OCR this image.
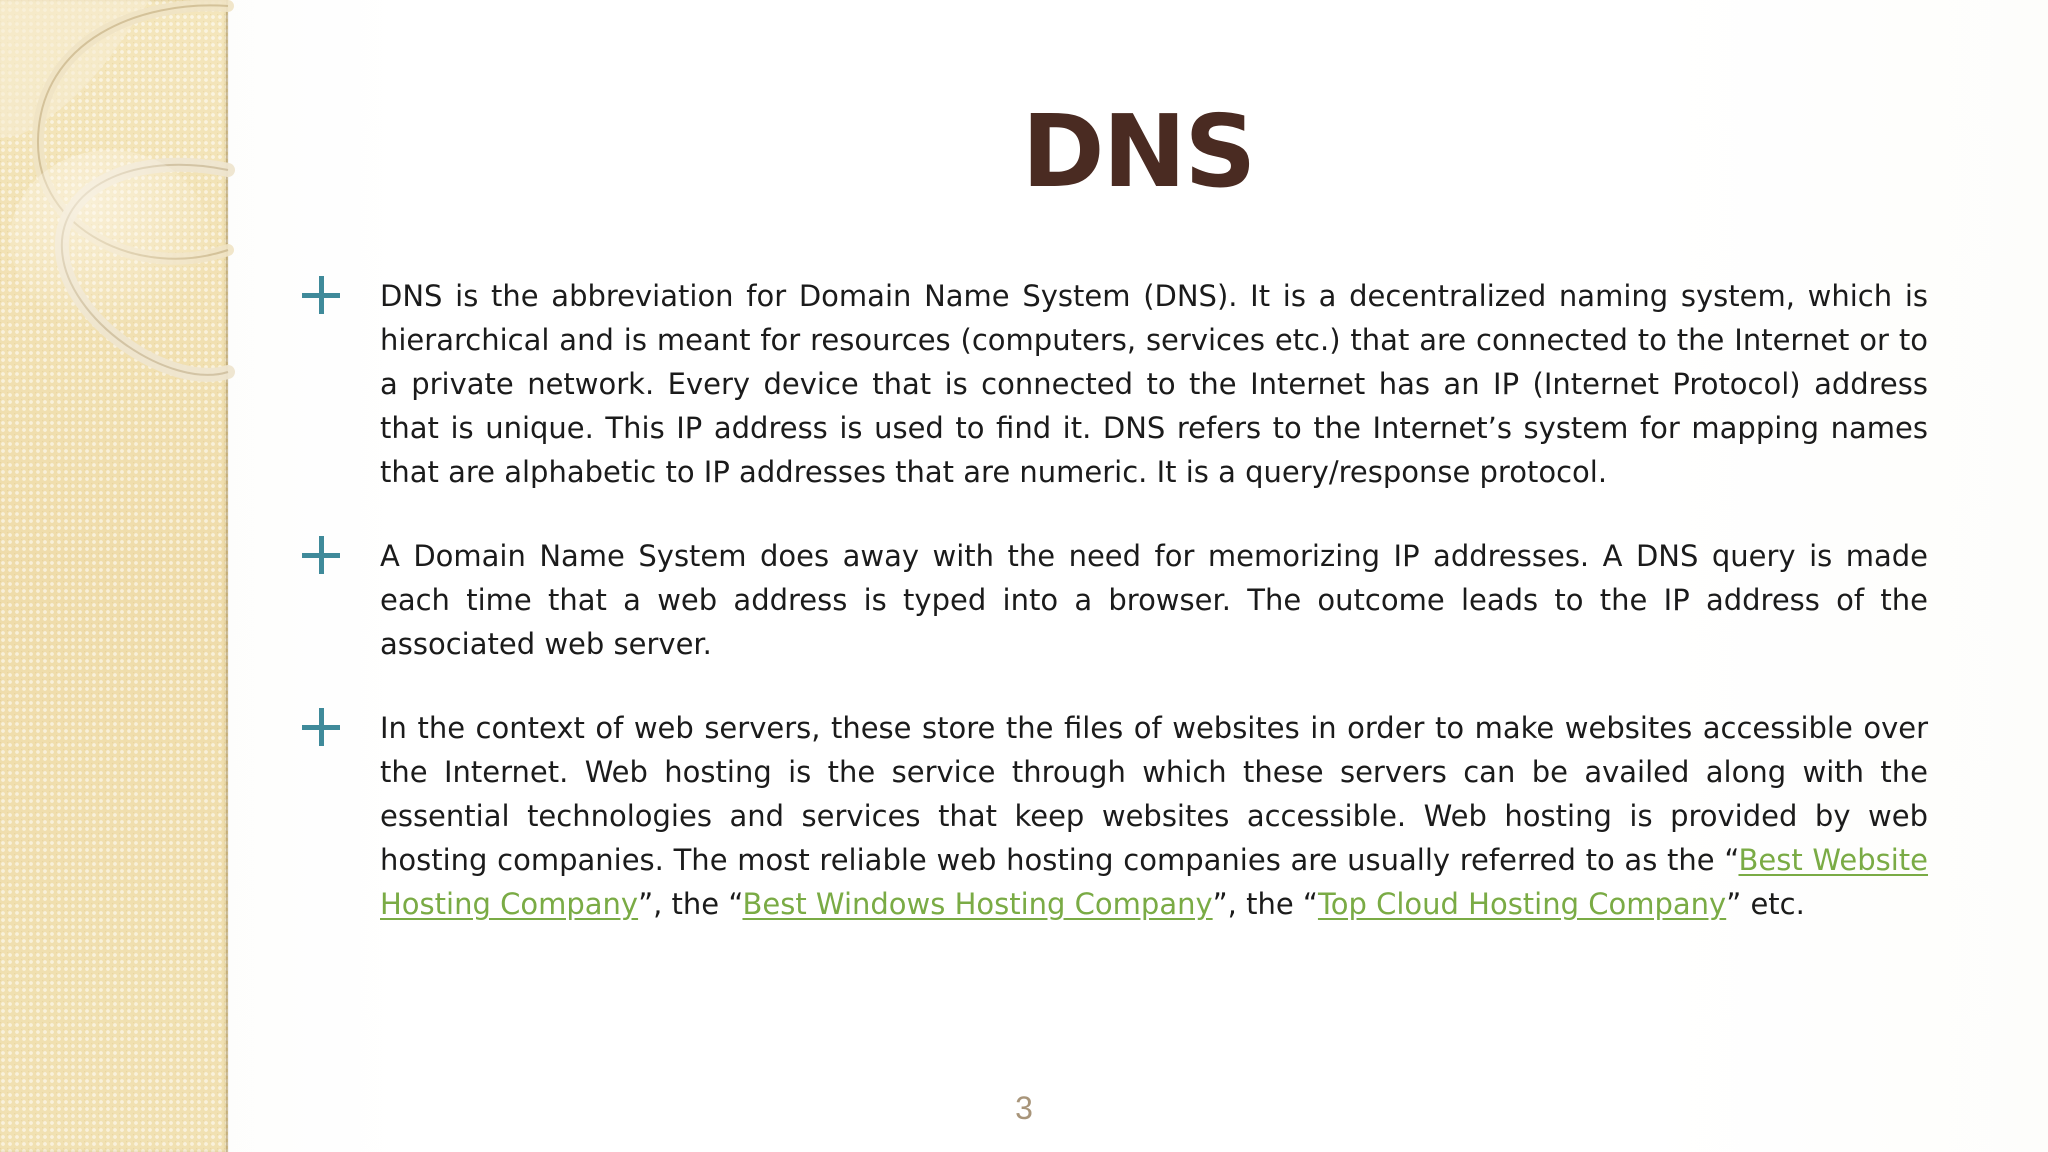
DNS

DNS is the abbreviation for Domain Name System (DNS). It is a decentralized naming system, which is hierarchical and is meant for resources (computers, services etc.) that are connected to the Internet or to a private network. Every device that is connected to the Internet has an IP (Internet Protocol) address that is unique. This IP address is used to find it. DNS refers to the Internet’s system for mapping names that are alphabetic to IP addresses that are numeric. It is a query/response protocol.

A Domain Name System does away with the need for memorizing IP addresses. A DNS query is made each time that a web address is typed into a browser. The outcome leads to the IP address of the associated web server.

In the context of web servers, these store the files of websites in order to make websites accessible over the Internet. Web hosting is the service through which these servers can be availed along with the essential technologies and services that keep websites accessible. Web hosting is provided by web hosting companies. The most reliable web hosting companies are usually referred to as the “Best Website Hosting Company”, the “Best Windows Hosting Company”, the “Top Cloud Hosting Company” etc.

3
